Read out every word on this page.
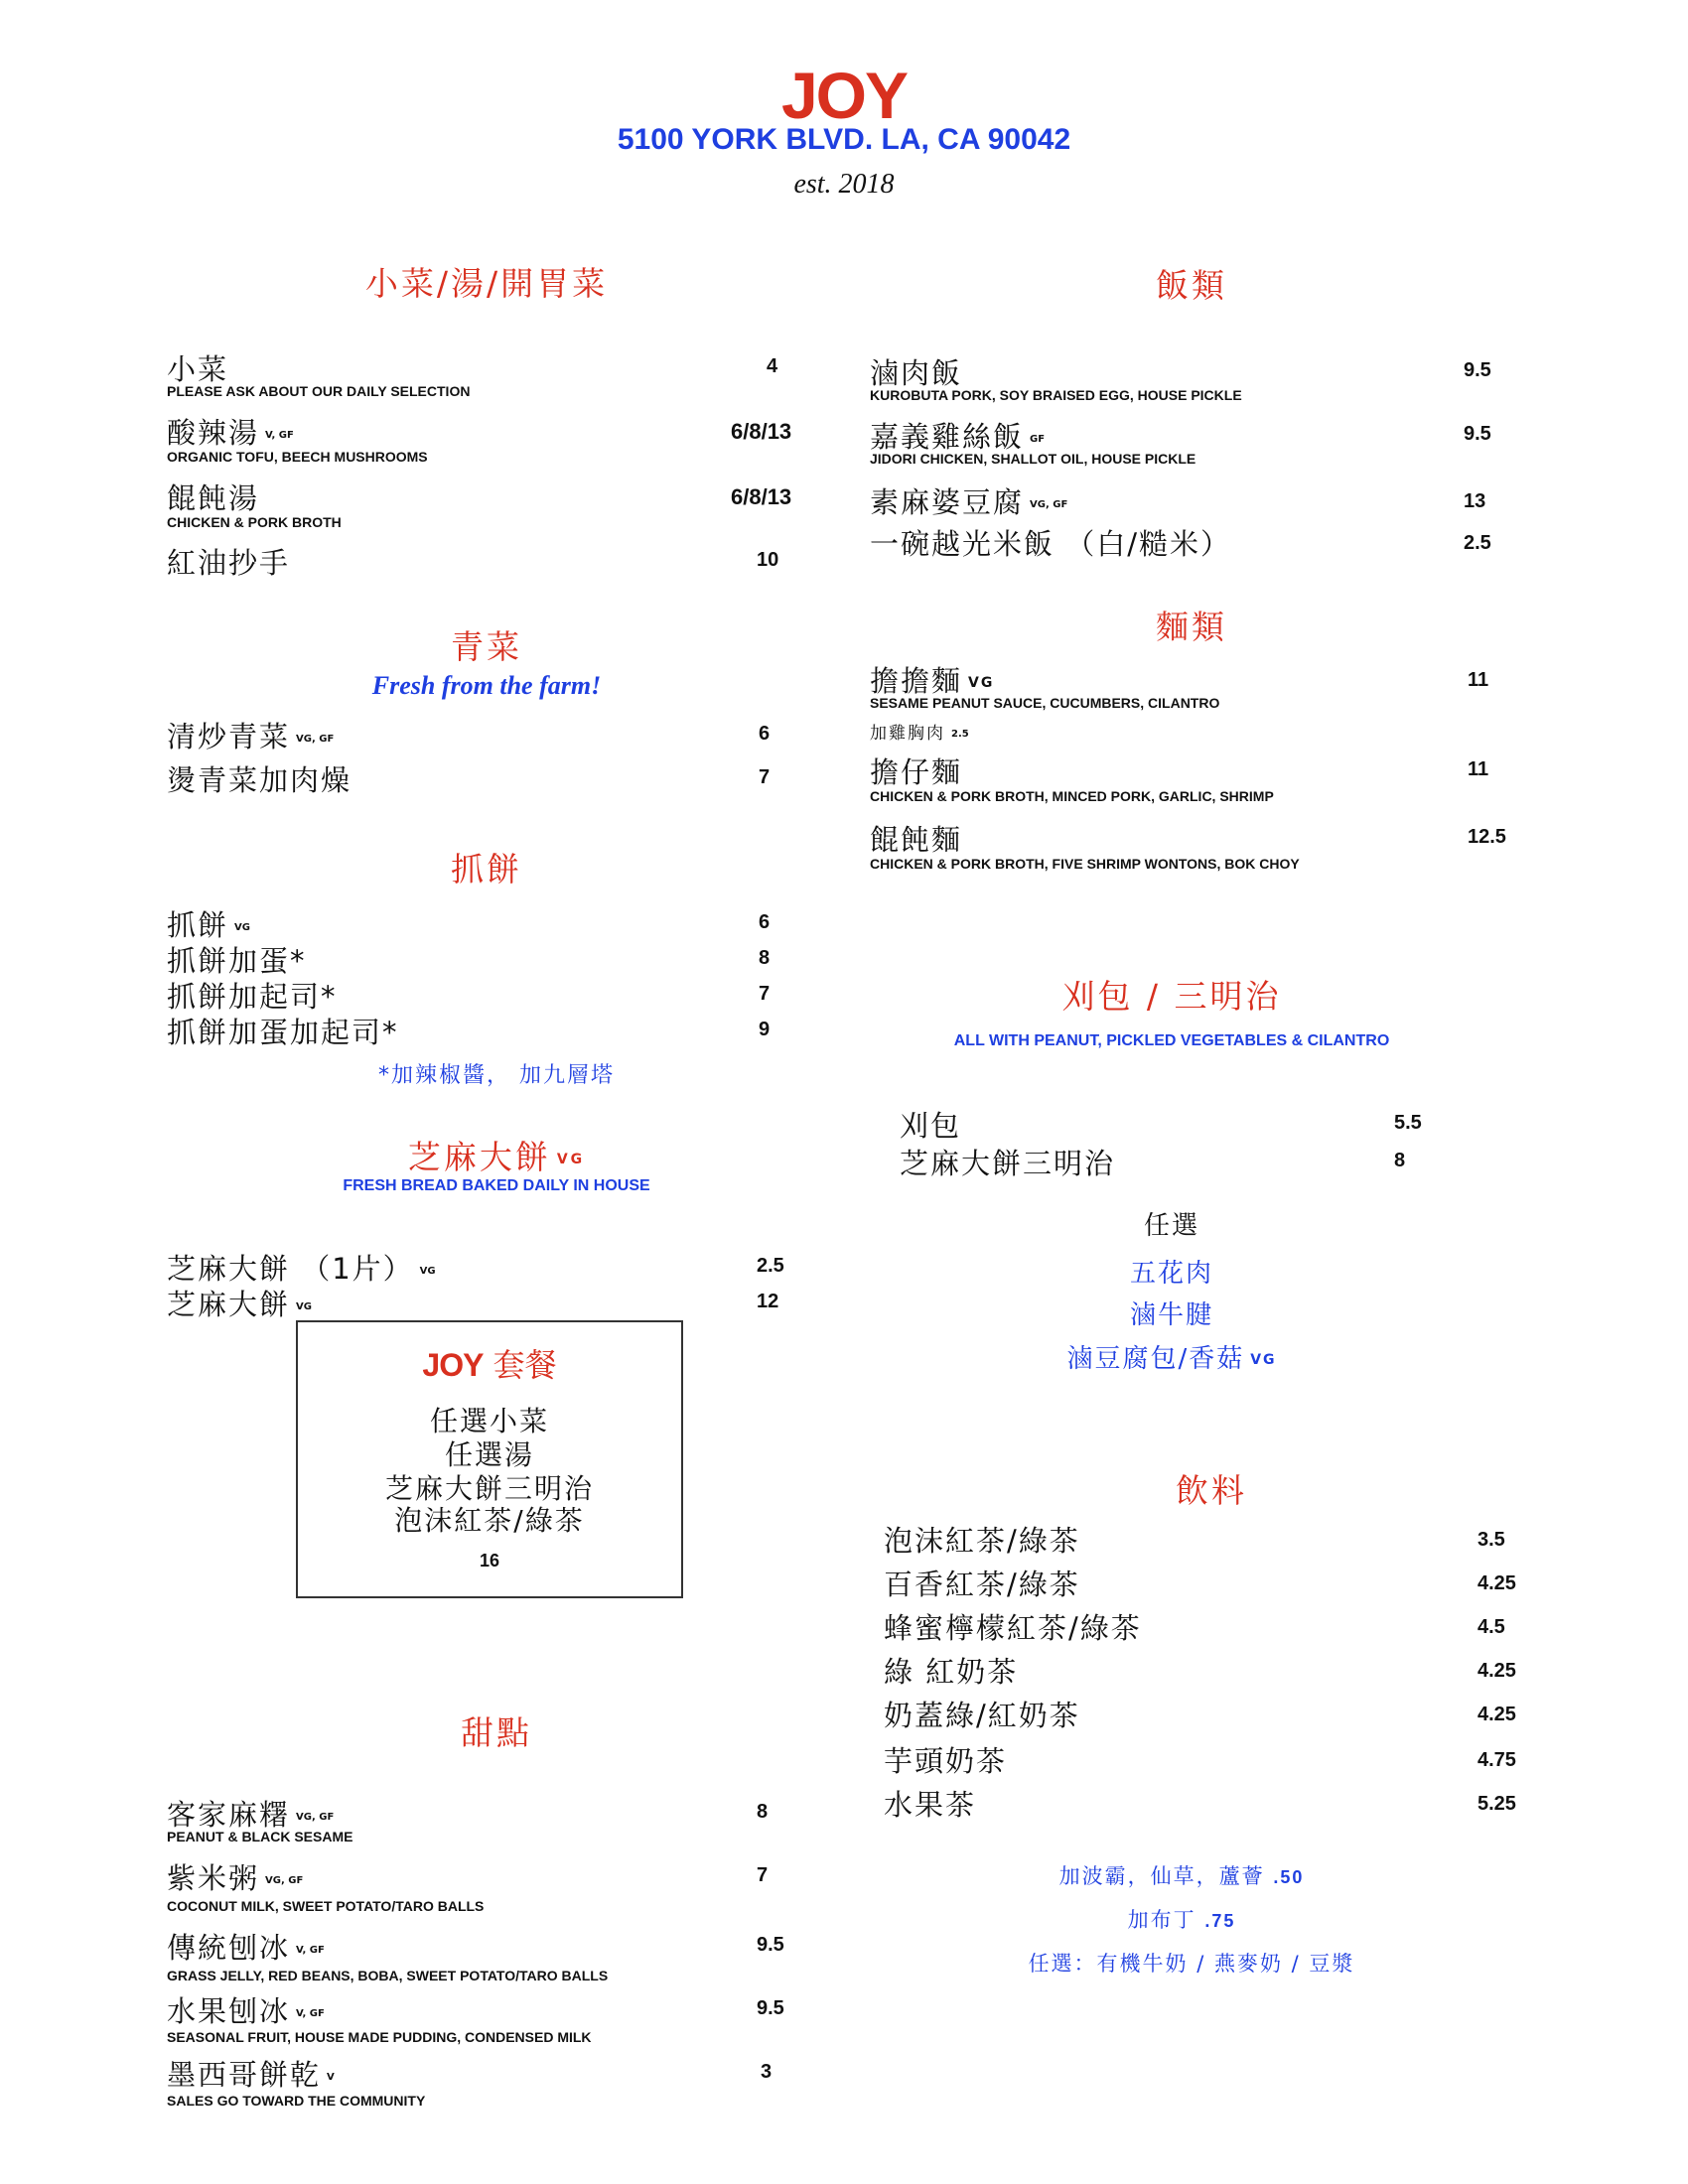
JOY
5100 YORK BLVD. LA, CA 90042
est. 2018
小菜/湯/開胃菜
小菜
PLEASE ASK ABOUT OUR DAILY SELECTION
4
酸辣湯 V, GF
ORGANIC TOFU, BEECH MUSHROOMS
6/8/13
餛飩湯
CHICKEN & PORK BROTH
6/8/13
紅油抄手	10
青菜
Fresh from the farm!
清炒青菜 VG, GF	6
燙青菜加肉燥	7
抓餅
抓餅 VG	6
抓餅加蛋*	8
抓餅加起司*	7
抓餅加蛋加起司*	9
*加辣椒醬， 加九層塔
芝麻大餅 VG
FRESH BREAD BAKED DAILY IN HOUSE
芝麻大餅 （1片） VG	2.5
芝麻大餅 VG	12
JOY 套餐
任選小菜
任選湯
芝麻大餅三明治
泡沫紅茶/綠茶
16
甜點
客家麻糬 VG, GF
PEANUT & BLACK SESAME
8
紫米粥 VG, GF
COCONUT MILK, SWEET POTATO/TARO BALLS
7
傳統刨冰 V, GF
GRASS JELLY, RED BEANS, BOBA, SWEET POTATO/TARO BALLS
9.5
水果刨冰 V, GF
SEASONAL FRUIT, HOUSE MADE PUDDING, CONDENSED MILK
9.5
墨西哥餅乾 V
SALES GO TOWARD THE COMMUNITY
3
飯類
滷肉飯
KUROBUTA PORK, SOY BRAISED EGG, HOUSE PICKLE
9.5
嘉義雞絲飯 GF
JIDORI CHICKEN, SHALLOT OIL, HOUSE PICKLE
9.5
素麻婆豆腐 VG, GF	13
一碗越光米飯 （白/糙米）	2.5
麵類
擔擔麵 VG
SESAME PEANUT SAUCE, CUCUMBERS, CILANTRO
加雞胸肉 2.5
11
擔仔麵
CHICKEN & PORK BROTH, MINCED PORK, GARLIC, SHRIMP
11
餛飩麵
CHICKEN & PORK BROTH, FIVE SHRIMP WONTONS, BOK CHOY
12.5
刈包 / 三明治
ALL WITH PEANUT, PICKLED VEGETABLES & CILANTRO
刈包	5.5
芝麻大餅三明治	8
任選
五花肉
滷牛腱
滷豆腐包/香菇 VG
飲料
泡沫紅茶/綠茶	3.5
百香紅茶/綠茶	4.25
蜂蜜檸檬紅茶/綠茶	4.5
綠 紅奶茶	4.25
奶蓋綠/紅奶茶	4.25
芋頭奶茶	4.75
水果茶	5.25
加波霸，仙草，蘆薈 .50
加布丁 .75
任選：有機牛奶 / 燕麥奶 / 豆漿
